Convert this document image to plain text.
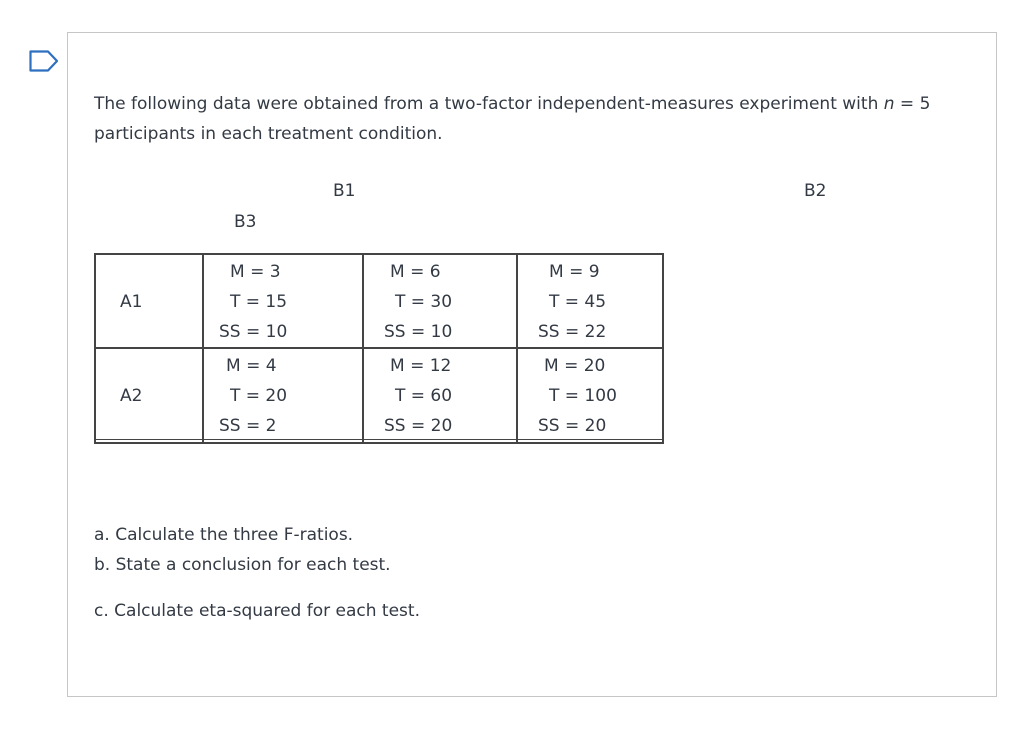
The following data were obtained from a two-factor independent-measures experiment with n = 5 participants in each treatment condition.
B1	B2
B3
A1
M = 3
T = 15
SS = 10
M = 6
T = 30
SS = 10
M = 9
T = 45
SS = 22
A2
M = 4
T = 20
SS = 2
M = 12
T = 60
SS = 20
M = 20
T = 100
SS = 20
a. Calculate the three F-ratios.
b. State a conclusion for each test.
c. Calculate eta-squared for each test.
